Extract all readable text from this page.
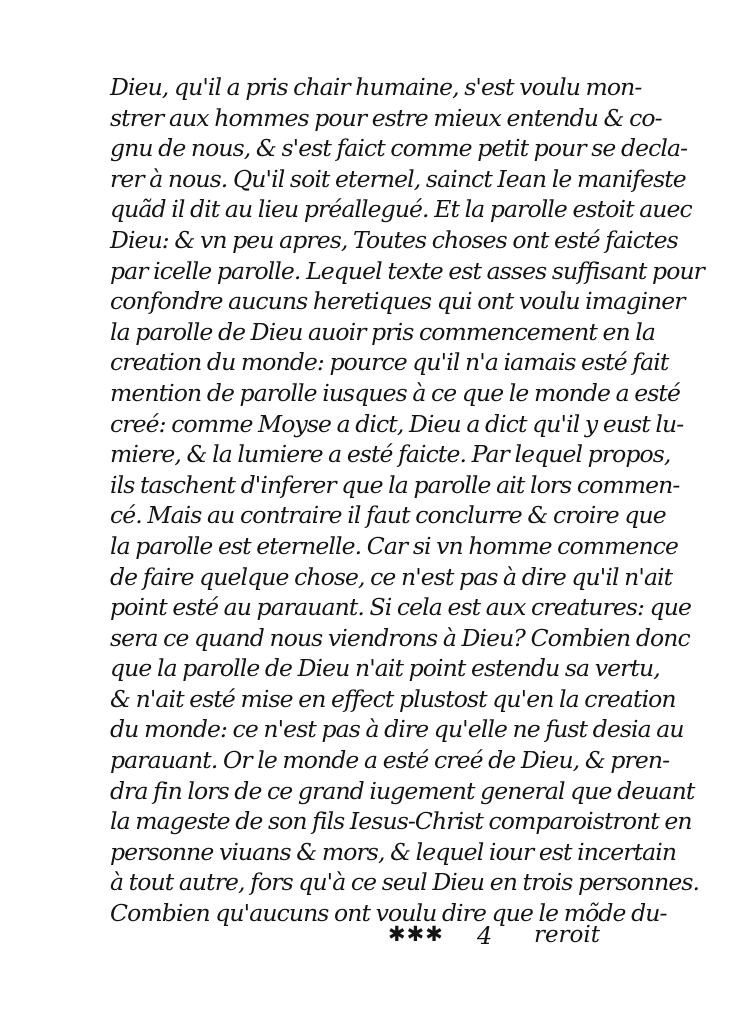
Dieu, qu'il a pris chair humaine, s'est voulu mon-
strer aux hommes pour estre mieux entendu & co-
gnu de nous, & s'est faict comme petit pour se decla-
rer à nous. Qu'il soit eternel, sainct Iean le manifeste
quãd il dit au lieu préallegué. Et la parolle estoit auec
Dieu: & vn peu apres, Toutes choses ont esté faictes
par icelle parolle. Lequel texte est asses suffisant pour
confondre aucuns heretiques qui ont voulu imaginer
la parolle de Dieu auoir pris commencement en la
creation du monde: pource qu'il n'a iamais esté fait
mention de parolle iusques à ce que le monde a esté
creé: comme Moyse a dict, Dieu a dict qu'il y eust lu-
miere, & la lumiere a esté faicte. Par lequel propos,
ils taschent d'inferer que la parolle ait lors commen-
cé. Mais au contraire il faut conclurre & croire que
la parolle est eternelle. Car si vn homme commence
de faire quelque chose, ce n'est pas à dire qu'il n'ait
point esté au parauant. Si cela est aux creatures: que
sera ce quand nous viendrons à Dieu? Combien donc
que la parolle de Dieu n'ait point estendu sa vertu,
& n'ait esté mise en effect plustost qu'en la creation
du monde: ce n'est pas à dire qu'elle ne fust desia au
parauant. Or le monde a esté creé de Dieu, & pren-
dra fin lors de ce grand iugement general que deuant
la mageste de son fils Iesus-Christ comparoistront en
personne viuans & mors, & lequel iour est incertain
à tout autre, fors qu'à ce seul Dieu en trois personnes.
Combien qu'aucuns ont voulu dire que le mõde du-
✱✱✱ 4 reroit
